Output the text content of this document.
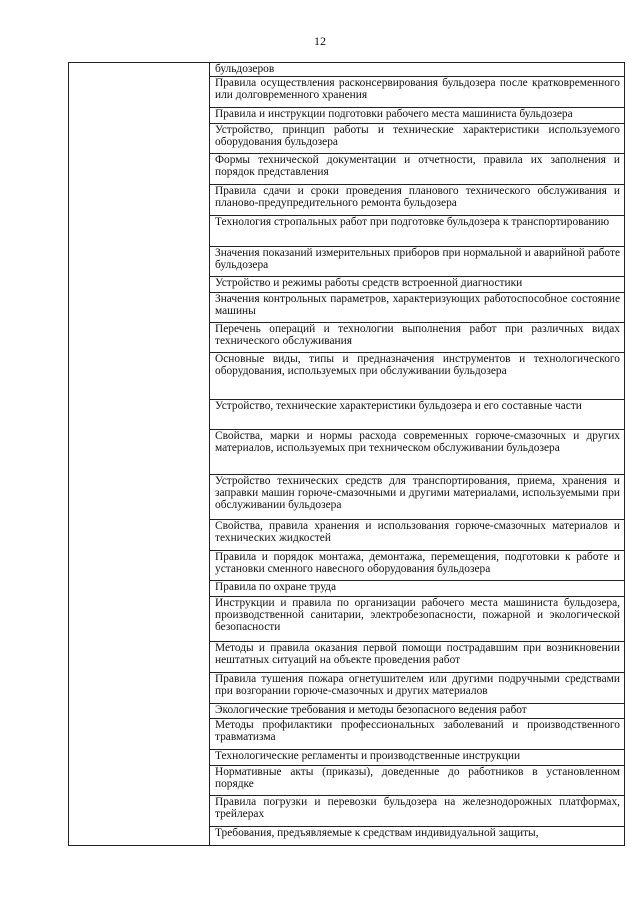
12
бульдозеров
Правила осуществления расконсервирования бульдозера после кратковременного или долговременного хранения
Правила и инструкции подготовки рабочего места машиниста бульдозера
Устройство, принцип работы и технические характеристики используемого оборудования бульдозера
Формы технической документации и отчетности, правила их заполнения и порядок представления
Правила сдачи и сроки проведения планового технического обслуживания и планово-предупредительного ремонта бульдозера
Технология стропальных работ при подготовке бульдозера к транспортированию
Значения показаний измерительных приборов при нормальной и аварийной работе бульдозера
Устройство и режимы работы средств встроенной диагностики
Значения контрольных параметров, характеризующих работоспособное состояние машины
Перечень операций и технологии выполнения работ при различных видах технического обслуживания
Основные виды, типы и предназначения инструментов и технологического оборудования, используемых при обслуживании бульдозера
Устройство, технические характеристики бульдозера и его составные части
Свойства, марки и нормы расхода современных горюче-смазочных и других материалов, используемых при техническом обслуживании бульдозера
Устройство технических средств для транспортирования, приема, хранения и заправки машин горюче-смазочными и другими материалами, используемыми при обслуживании бульдозера
Свойства, правила хранения и использования горюче-смазочных материалов и технических жидкостей
Правила и порядок монтажа, демонтажа, перемещения, подготовки к работе и установки сменного навесного оборудования бульдозера
Правила по охране труда
Инструкции и правила по организации рабочего места машиниста бульдозера, производственной санитарии, электробезопасности, пожарной и экологической безопасности
Методы и правила оказания первой помощи пострадавшим при возникновении нештатных ситуаций на объекте проведения работ
Правила тушения пожара огнетушителем или другими подручными средствами при возгорании горюче-смазочных и других материалов
Экологические требования и методы безопасного ведения работ
Методы профилактики профессиональных заболеваний и производственного травматизма
Технологические регламенты и производственные инструкции
Нормативные акты (приказы), доведенные до работников в установленном порядке
Правила погрузки и перевозки бульдозера на железнодорожных платформах, трейлерах
Требования, предъявляемые к средствам индивидуальной защиты,
